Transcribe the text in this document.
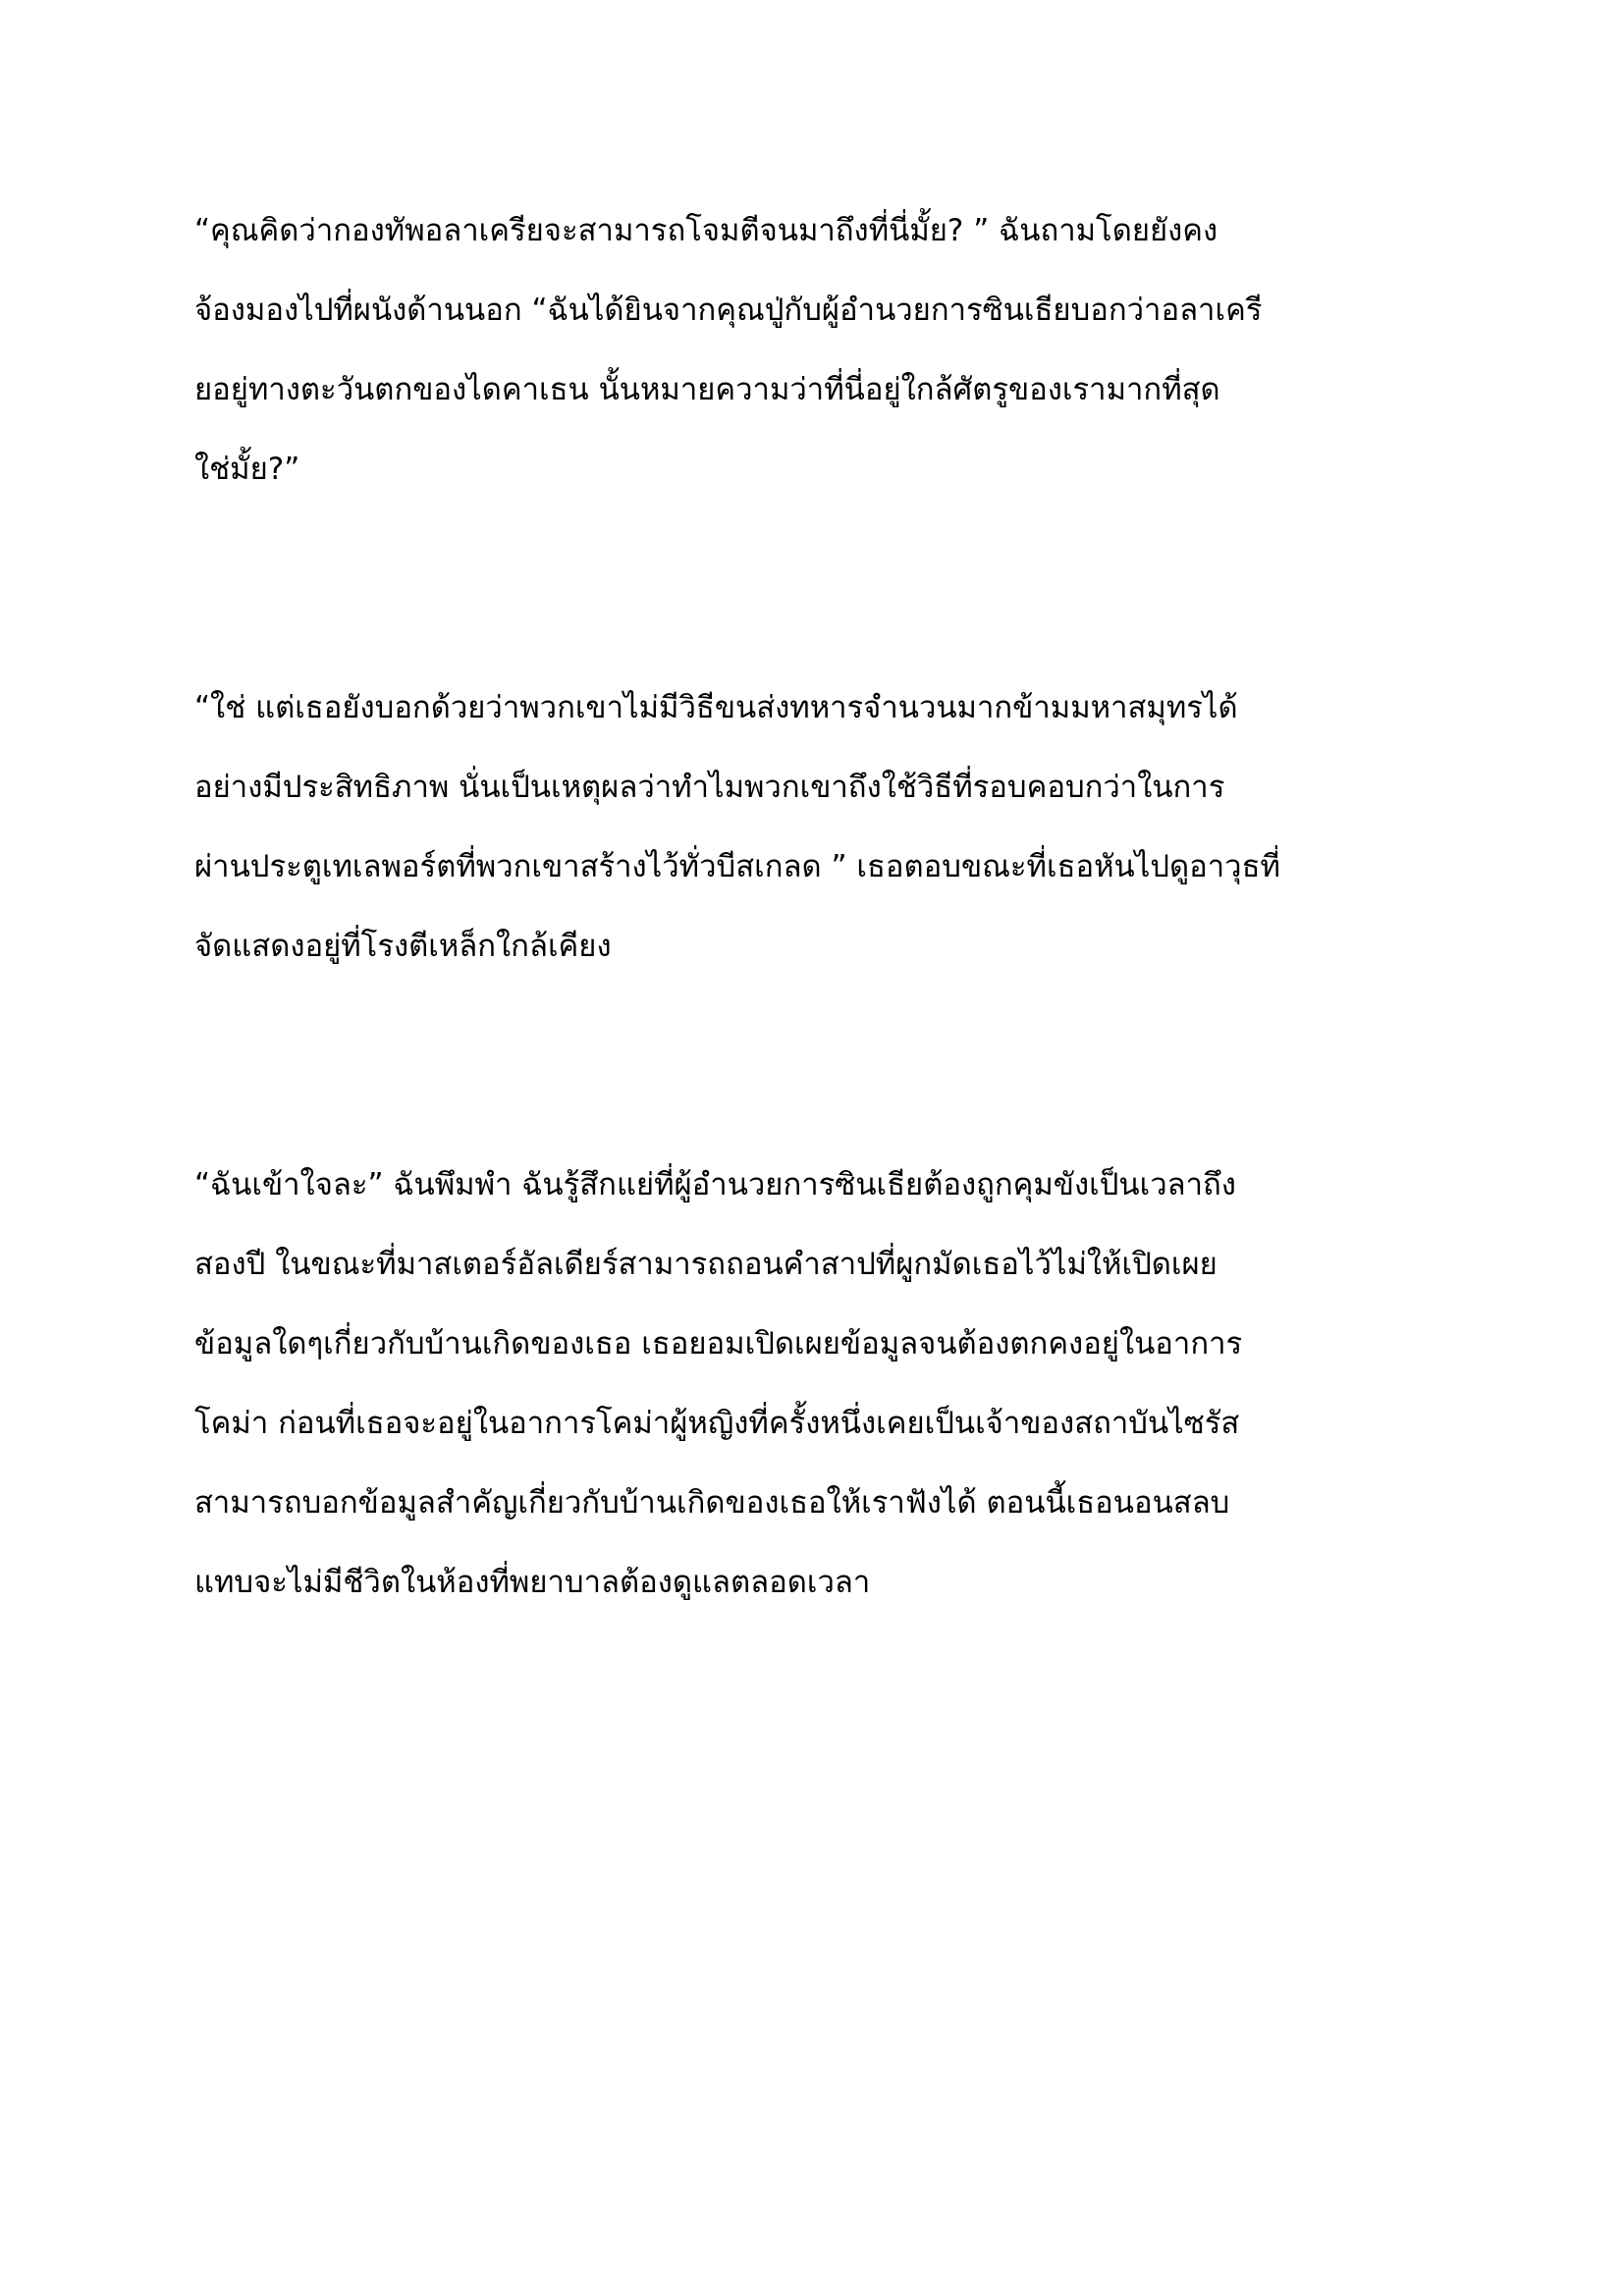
“คุณคิดว่ากองทัพอลาเครียจะสามารถโจมตีจนมาถึงที่นี่มั้ย? ” ฉันถามโดยยังคง
จ้องมองไปที่ผนังด้านนอก “ฉันได้ยินจากคุณปู่กับผู้อำนวยการซินเธียบอกว่าอลาเครี
ยอยู่ทางตะวันตกของไดคาเธน นั้นหมายความว่าที่นี่อยู่ใกล้ศัตรูของเรามากที่สุด
ใช่มั้ย?”
“ใช่ แต่เธอยังบอกด้วยว่าพวกเขาไม่มีวิธีขนส่งทหารจำนวนมากข้ามมหาสมุทรได้
อย่างมีประสิทธิภาพ นั่นเป็นเหตุผลว่าทำไมพวกเขาถึงใช้วิธีที่รอบคอบกว่าในการ
ผ่านประตูเทเลพอร์ตที่พวกเขาสร้างไว้ทั่วบีสเกลด ” เธอตอบขณะที่เธอหันไปดูอาวุธที่
จัดแสดงอยู่ที่โรงตีเหล็กใกล้เคียง
“ฉันเข้าใจละ” ฉันพึมพำ ฉันรู้สึกแย่ที่ผู้อำนวยการซินเธียต้องถูกคุมขังเป็นเวลาถึง
สองปี ในขณะที่มาสเตอร์อัลเดียร์สามารถถอนคำสาปที่ผูกมัดเธอไว้ไม่ให้เปิดเผย
ข้อมูลใดๆเกี่ยวกับบ้านเกิดของเธอ เธอยอมเปิดเผยข้อมูลจนต้องตกคงอยู่ในอาการ
โคม่า ก่อนที่เธอจะอยู่ในอาการโคม่าผู้หญิงที่ครั้งหนึ่งเคยเป็นเจ้าของสถาบันไซรัส
สามารถบอกข้อมูลสำคัญเกี่ยวกับบ้านเกิดของเธอให้เราฟังได้ ตอนนี้เธอนอนสลบ
แทบจะไม่มีชีวิตในห้องที่พยาบาลต้องดูแลตลอดเวลา
